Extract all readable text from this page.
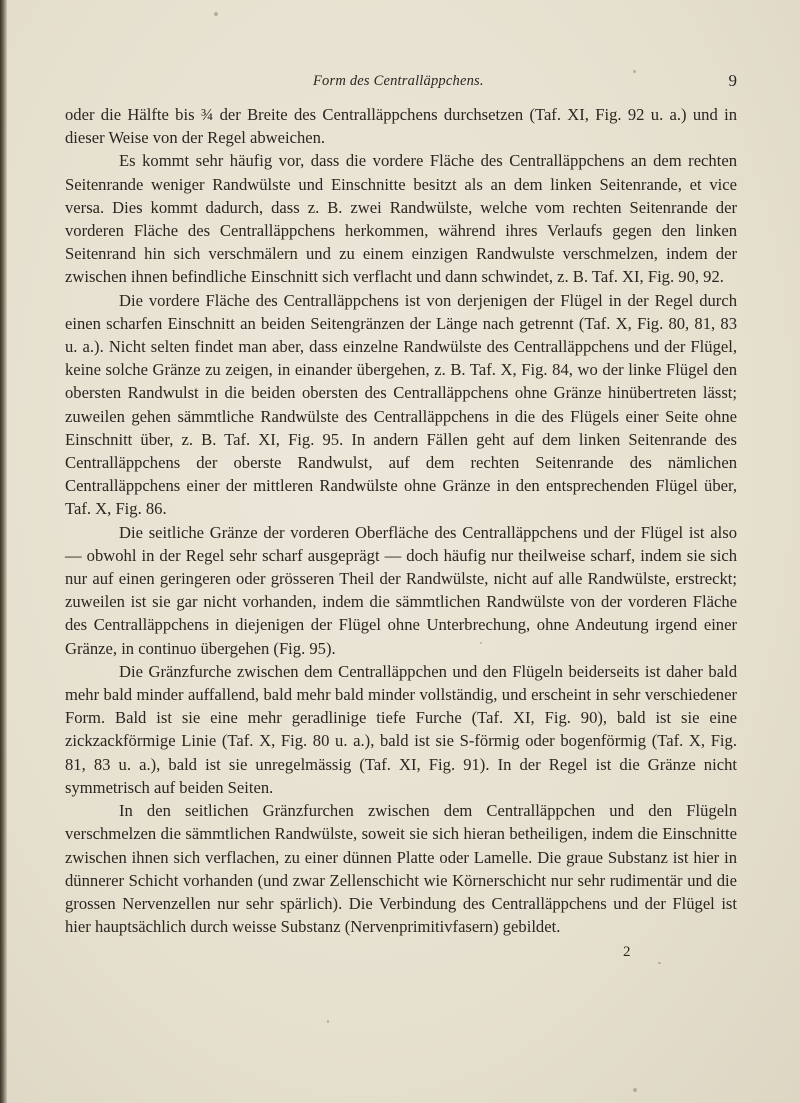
Form des Centralläppchens.	9

oder die Hälfte bis ¾ der Breite des Centralläppchens durchsetzen (Taf. XI, Fig. 92 u. a.) und in dieser Weise von der Regel abweichen.

Es kommt sehr häufig vor, dass die vordere Fläche des Centralläppchens an dem rechten Seitenrande weniger Randwülste und Einschnitte besitzt als an dem linken Seitenrande, et vice versa. Dies kommt dadurch, dass z. B. zwei Randwülste, welche vom rechten Seitenrande der vorderen Fläche des Centralläppchens herkommen, während ihres Verlaufs gegen den linken Seitenrand hin sich verschmälern und zu einem einzigen Randwulste verschmelzen, indem der zwischen ihnen befindliche Einschnitt sich verflacht und dann schwindet, z. B. Taf. XI, Fig. 90, 92.

Die vordere Fläche des Centralläppchens ist von derjenigen der Flügel in der Regel durch einen scharfen Einschnitt an beiden Seitengränzen der Länge nach getrennt (Taf. X, Fig. 80, 81, 83 u. a.). Nicht selten findet man aber, dass einzelne Randwülste des Centralläppchens und der Flügel, keine solche Gränze zu zeigen, in einander übergehen, z. B. Taf. X, Fig. 84, wo der linke Flügel den obersten Randwulst in die beiden obersten des Centralläppchens ohne Gränze hinübertreten lässt; zuweilen gehen sämmtliche Randwülste des Centralläppchens in die des Flügels einer Seite ohne Einschnitt über, z. B. Taf. XI, Fig. 95. In andern Fällen geht auf dem linken Seitenrande des Centralläppchens der oberste Randwulst, auf dem rechten Seitenrande des nämlichen Centralläppchens einer der mittleren Randwülste ohne Gränze in den entsprechenden Flügel über, Taf. X, Fig. 86.

Die seitliche Gränze der vorderen Oberfläche des Centralläppchens und der Flügel ist also — obwohl in der Regel sehr scharf ausgeprägt — doch häufig nur theilweise scharf, indem sie sich nur auf einen geringeren oder grösseren Theil der Randwülste, nicht auf alle Randwülste, erstreckt; zuweilen ist sie gar nicht vorhanden, indem die sämmtlichen Randwülste von der vorderen Fläche des Centralläppchens in diejenigen der Flügel ohne Unterbrechung, ohne Andeutung irgend einer Gränze, in continuo übergehen (Fig. 95).

Die Gränzfurche zwischen dem Centralläppchen und den Flügeln beiderseits ist daher bald mehr bald minder auffallend, bald mehr bald minder vollständig, und erscheint in sehr verschiedener Form. Bald ist sie eine mehr geradlinige tiefe Furche (Taf. XI, Fig. 90), bald ist sie eine zickzackförmige Linie (Taf. X, Fig. 80 u. a.), bald ist sie S-förmig oder bogenförmig (Taf. X, Fig. 81, 83 u. a.), bald ist sie unregelmässig (Taf. XI, Fig. 91). In der Regel ist die Gränze nicht symmetrisch auf beiden Seiten.

In den seitlichen Gränzfurchen zwischen dem Centralläppchen und den Flügeln verschmelzen die sämmtlichen Randwülste, soweit sie sich hieran betheiligen, indem die Einschnitte zwischen ihnen sich verflachen, zu einer dünnen Platte oder Lamelle. Die graue Substanz ist hier in dünnerer Schicht vorhanden (und zwar Zellenschicht wie Körnerschicht nur sehr rudimentär und die grossen Nervenzellen nur sehr spärlich). Die Verbindung des Centralläppchens und der Flügel ist hier hauptsächlich durch weisse Substanz (Nervenprimitivfasern) gebildet.

2
